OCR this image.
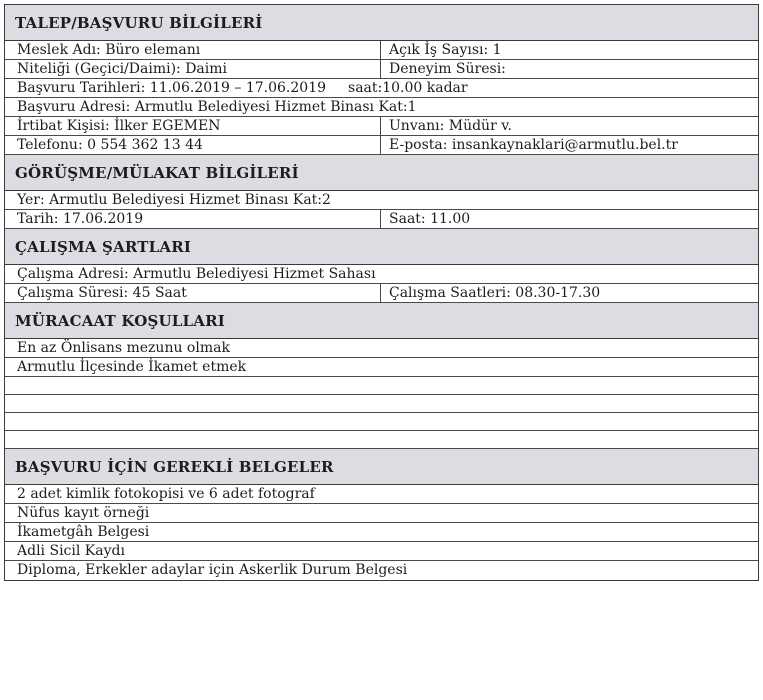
TALEP/BAŞVURU BİLGİLERİ
Meslek Adı: Büro elemanı	Açık İş Sayısı: 1
Niteliği (Geçici/Daimi): Daimi	Deneyim Süresi:
Başvuru Tarihleri: 11.06.2019 – 17.06.2019 saat:10.00 kadar
Başvuru Adresi: Armutlu Belediyesi Hizmet Binası Kat:1
İrtibat Kişisi: İlker EGEMEN	Unvanı: Müdür v.
Telefonu: 0 554 362 13 44	E-posta: insankaynaklari@armutlu.bel.tr
GÖRÜŞME/MÜLAKAT BİLGİLERİ
Yer: Armutlu Belediyesi Hizmet Binası Kat:2
Tarih: 17.06.2019	Saat: 11.00
ÇALIŞMA ŞARTLARI
Çalışma Adresi: Armutlu Belediyesi Hizmet Sahası
Çalışma Süresi: 45 Saat	Çalışma Saatleri: 08.30-17.30
MÜRACAAT KOŞULLARI
En az Önlisans mezunu olmak
Armutlu İlçesinde İkamet etmek
BAŞVURU İÇİN GEREKLİ BELGELER
2 adet kimlik fotokopisi ve 6 adet fotograf
Nüfus kayıt örneği
İkametgâh Belgesi
Adli Sicil Kaydı
Diploma, Erkekler adaylar için Askerlik Durum Belgesi
